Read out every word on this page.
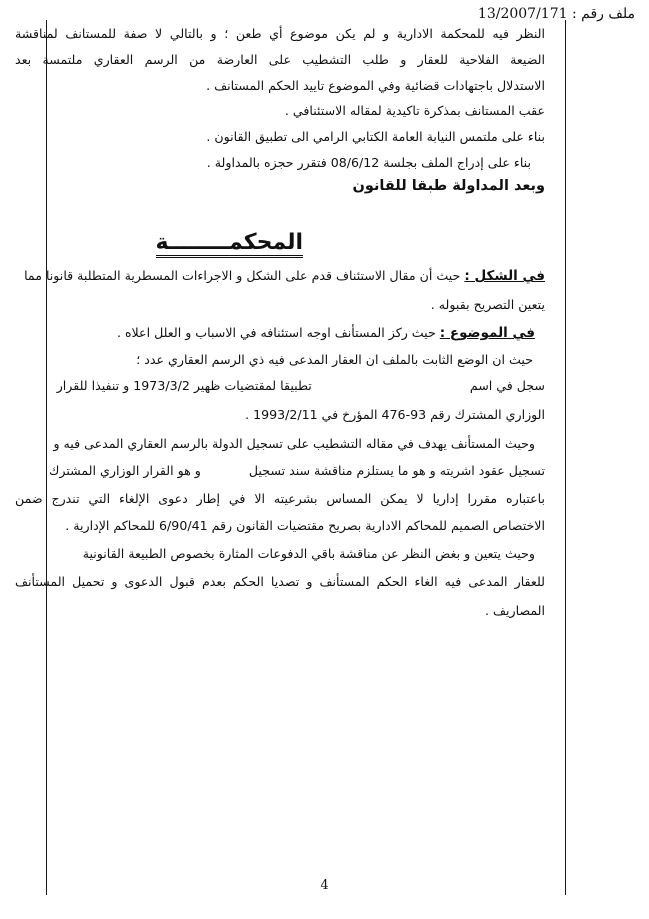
ملف رقم : 13/2007/171
النظر فيه للمحكمة الادارية و لم يكن موضوع أي طعن ؛ و بالتالي لا صفة للمستانف لمناقشة
الضيعة الفلاحية للعقار و طلب التشطيب على العارضة من الرسم العقاري ملتمسة بعد
الاستدلال باجتهادات قضائية وفي الموضوع تاييد الحكم المستانف .
عقب المستانف بمذكرة تاكيدية لمقاله الاستئنافي .
بناء على ملتمس النيابة العامة الكتابي الرامي الى تطبيق القانون .
بناء على إدراج الملف بجلسة 08/6/12 فتقرر حجزه بالمداولة .
وبعد المداولة طبقا للقانون
المحكمــــــــة
في الشكل : حيث أن مقال الاستئناف قدم على الشكل و الاجراءات المسطرية المتطلبة قانونا مما
يتعين التصريح بقبوله .
في الموضوع : حيث ركز المستأنف اوجه استئنافه في الاسباب و العلل اعلاه .
حيث ان الوضع الثابت بالملف ان العقار المدعى فيه ذي الرسم العقاري عدد ؛
سجل في اسم  تطبيقا لمقتضيات ظهير 1973/3/2 و تنفيذا للقرار
الوزاري المشترك رقم 93-476 المؤرخ في 1993/2/11 .
وحيث المستأنف يهدف في مقاله التشطيب على تسجيل الدولة بالرسم العقاري المدعى فيه و
تسجيل عقود اشريته و هو ما يستلزم مناقشة سند تسجيل  و هو القرار الوزاري المشترك
باعتباره مقررا إداريا لا يمكن المساس بشرعيته الا في إطار دعوى الإلغاء التي تندرج ضمن
الاختصاص الصميم للمحاكم الادارية بصريح مقتضيات القانون رقم 6/90/41 للمحاكم الإدارية .
وحيث يتعين و بغض النظر عن مناقشة باقي الدفوعات المثارة بخصوص الطبيعة القانونية
للعقار المدعى فيه الغاء الحكم المستأنف و تصديا الحكم بعدم قبول الدعوى و تحميل المستأنف
المصاريف .
4
